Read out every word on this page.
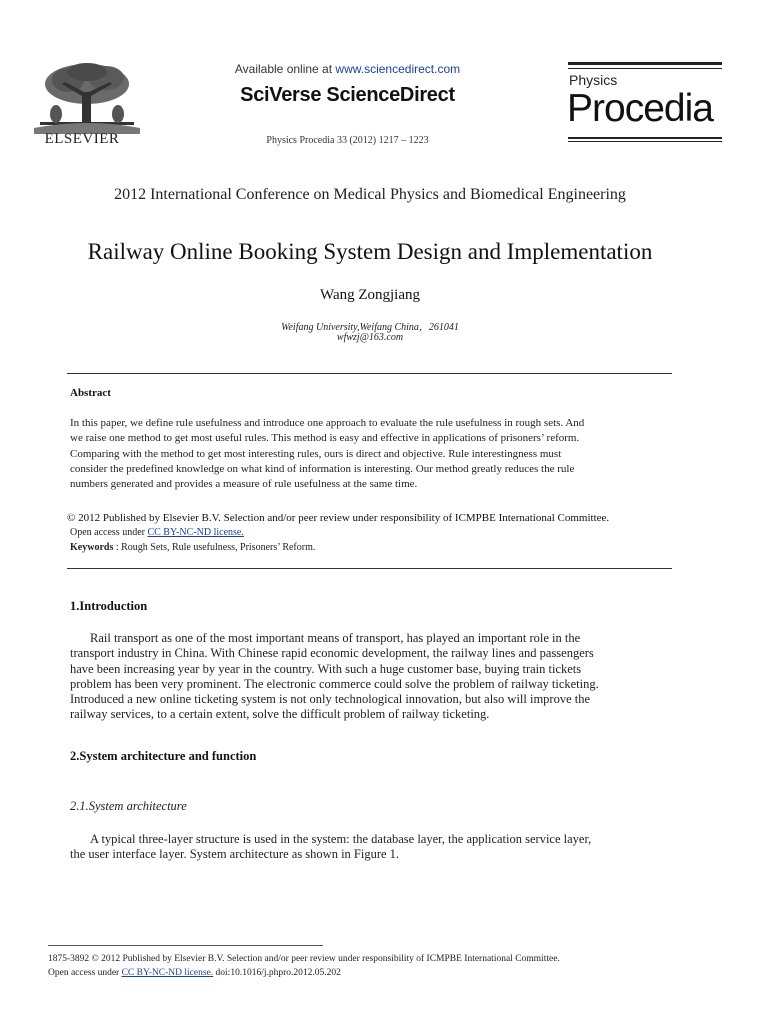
ELSEVIER
Available online at www.sciencedirect.com
SciVerse ScienceDirect
Physics Procedia 33 (2012) 1217 – 1223
Physics
Procedia
2012 International Conference on Medical Physics and Biomedical Engineering
Railway Online Booking System Design and Implementation
Wang Zongjiang
Weifang University,Weifang China，261041
wfwzj@163.com
Abstract
In this paper, we define rule usefulness and introduce one approach to evaluate the rule usefulness in rough sets. And
we raise one method to get most useful rules. This method is easy and effective in applications of prisoners’ reform.
Comparing with the method to get most interesting rules, ours is direct and objective. Rule interestingness must
consider the predefined knowledge on what kind of information is interesting. Our method greatly reduces the rule
numbers generated and provides a measure of rule usefulness at the same time.
© 2012 Published by Elsevier B.V. Selection and/or peer review under responsibility of ICMPBE International Committee.
Open access under CC BY-NC-ND license.
Keywords : Rough Sets, Rule usefulness, Prisoners’ Reform.
1.Introduction
Rail transport as one of the most important means of transport, has played an important role in the
transport industry in China. With Chinese rapid economic development, the railway lines and passengers
have been increasing year by year in the country. With such a huge customer base, buying train tickets
problem has been very prominent. The electronic commerce could solve the problem of railway ticketing.
Introduced a new online ticketing system is not only technological innovation, but also will improve the
railway services, to a certain extent, solve the difficult problem of railway ticketing.
2.System architecture and function
2.1.System architecture
A typical three-layer structure is used in the system: the database layer, the application service layer,
the user interface layer. System architecture as shown in Figure 1.
1875-3892 © 2012 Published by Elsevier B.V. Selection and/or peer review under responsibility of ICMPBE International Committee.
Open access under CC BY-NC-ND license. doi:10.1016/j.phpro.2012.05.202
